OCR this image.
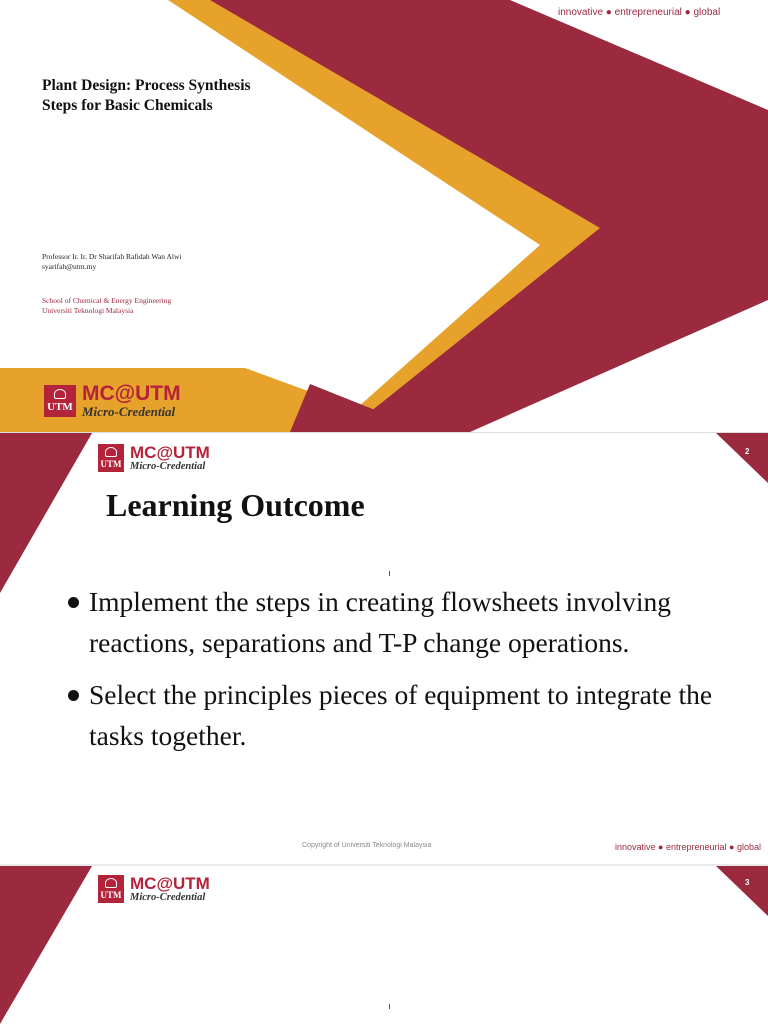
innovative ● entrepreneurial ● global
Plant Design: Process Synthesis
Steps for Basic Chemicals
Professor Ir. Ir. Dr Sharifah Rafidah Wan Alwi
syarifah@utm.my
School of Chemical & Energy Engineering
Universiti Teknologi Malaysia
UTM
MC@UTM
Micro-Credential
UTM
MC@UTM
Micro-Credential
2
Learning Outcome
Implement the steps in creating flowsheets involving reactions, separations and T-P change operations.
Select the principles pieces of equipment to integrate the tasks together.
Copyright of Universiti Teknologi Malaysia	innovative ● entrepreneurial ● global
UTM
MC@UTM
Micro-Credential
3
